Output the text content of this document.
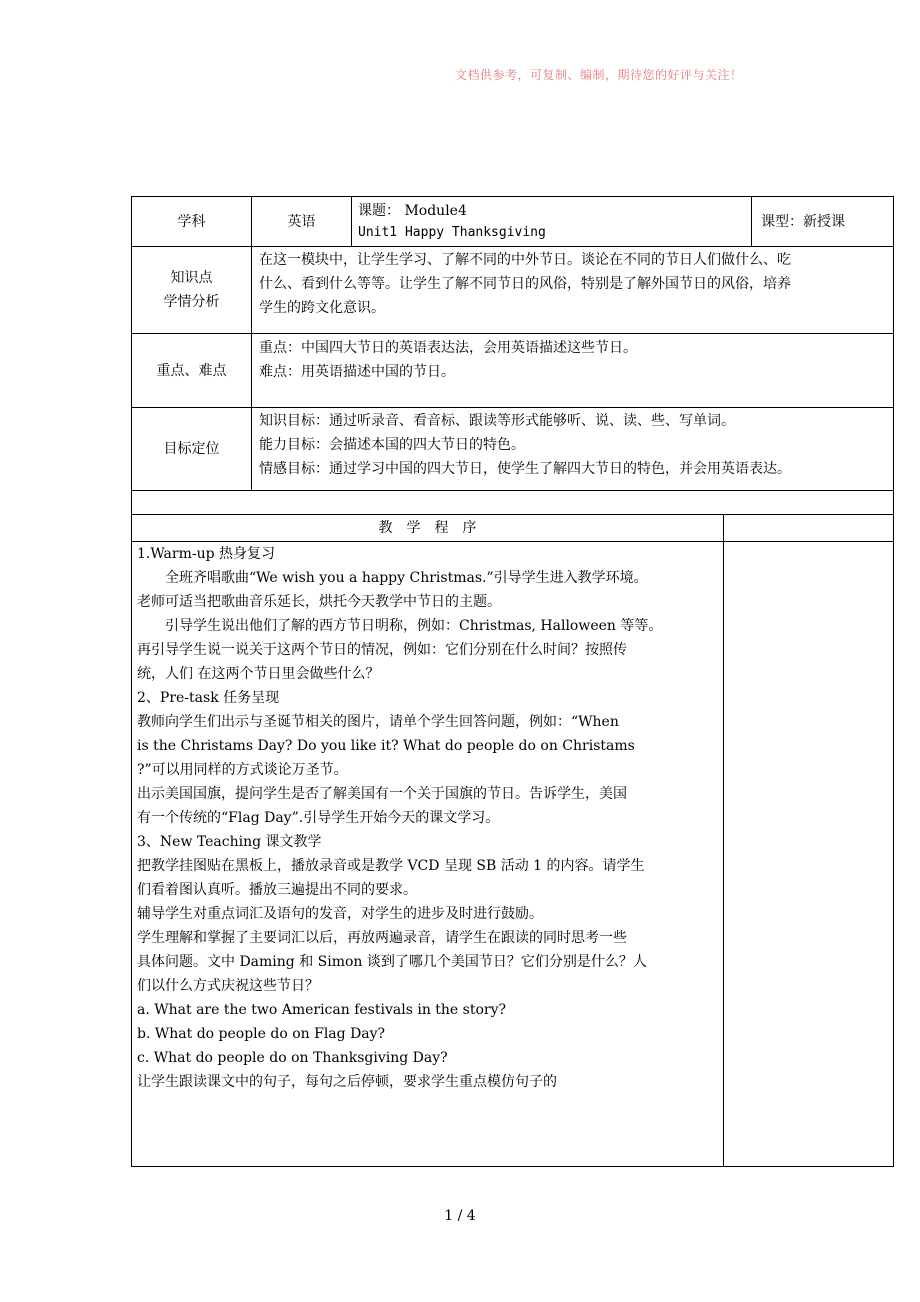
文档供参考，可复制、编制，期待您的好评与关注！
学科	英语
课题： Module4
Unit1 Happy Thanksgiving
课型：新授课
知识点
学情分析
在这一模块中，让学生学习、了解不同的中外节日。谈论在不同的节日人们做什么、吃
什么、看到什么等等。让学生了解不同节日的风俗，特别是了解外国节日的风俗，培养
学生的跨文化意识。
重点、难点
重点：中国四大节日的英语表达法，会用英语描述这些节日。
难点：用英语描述中国的节日。
目标定位
知识目标：通过听录音、看音标、跟读等形式能够听、说、读、些、写单词。
能力目标：会描述本国的四大节日的特色。
情感目标：通过学习中国的四大节日，使学生了解四大节日的特色，并会用英语表达。
教　学　程　序
1.Warm-up 热身复习
全班齐唱歌曲“We wish you a happy Christmas.”引导学生进入教学环境。
老师可适当把歌曲音乐延长，烘托今天教学中节日的主题。
引导学生说出他们了解的西方节日明称，例如：Christmas, Halloween 等等。
再引导学生说一说关于这两个节日的情况，例如：它们分别在什么时间？按照传
统，人们 在这两个节日里会做些什么？
2、Pre-task 任务呈现
教师向学生们出示与圣诞节相关的图片，请单个学生回答问题，例如：“When
is the Christams Day? Do you like it? What do people do on Christams
?”可以用同样的方式谈论万圣节。
出示美国国旗，提问学生是否了解美国有一个关于国旗的节日。告诉学生，美国
有一个传统的“Flag Day”.引导学生开始今天的课文学习。
3、New Teaching 课文教学
把教学挂图贴在黑板上，播放录音或是教学 VCD 呈现 SB 活动 1 的内容。请学生
们看着图认真听。播放三遍提出不同的要求。
辅导学生对重点词汇及语句的发音，对学生的进步及时进行鼓励。
学生理解和掌握了主要词汇以后，再放两遍录音，请学生在跟读的同时思考一些
具体问题。文中 Daming 和 Simon 谈到了哪几个美国节日？它们分别是什么？人
们以什么方式庆祝这些节日？
a. What are the two American festivals in the story?
b. What do people do on Flag Day?
c. What do people do on Thanksgiving Day?
让学生跟读课文中的句子，每句之后停顿，要求学生重点模仿句子的
1 / 4
